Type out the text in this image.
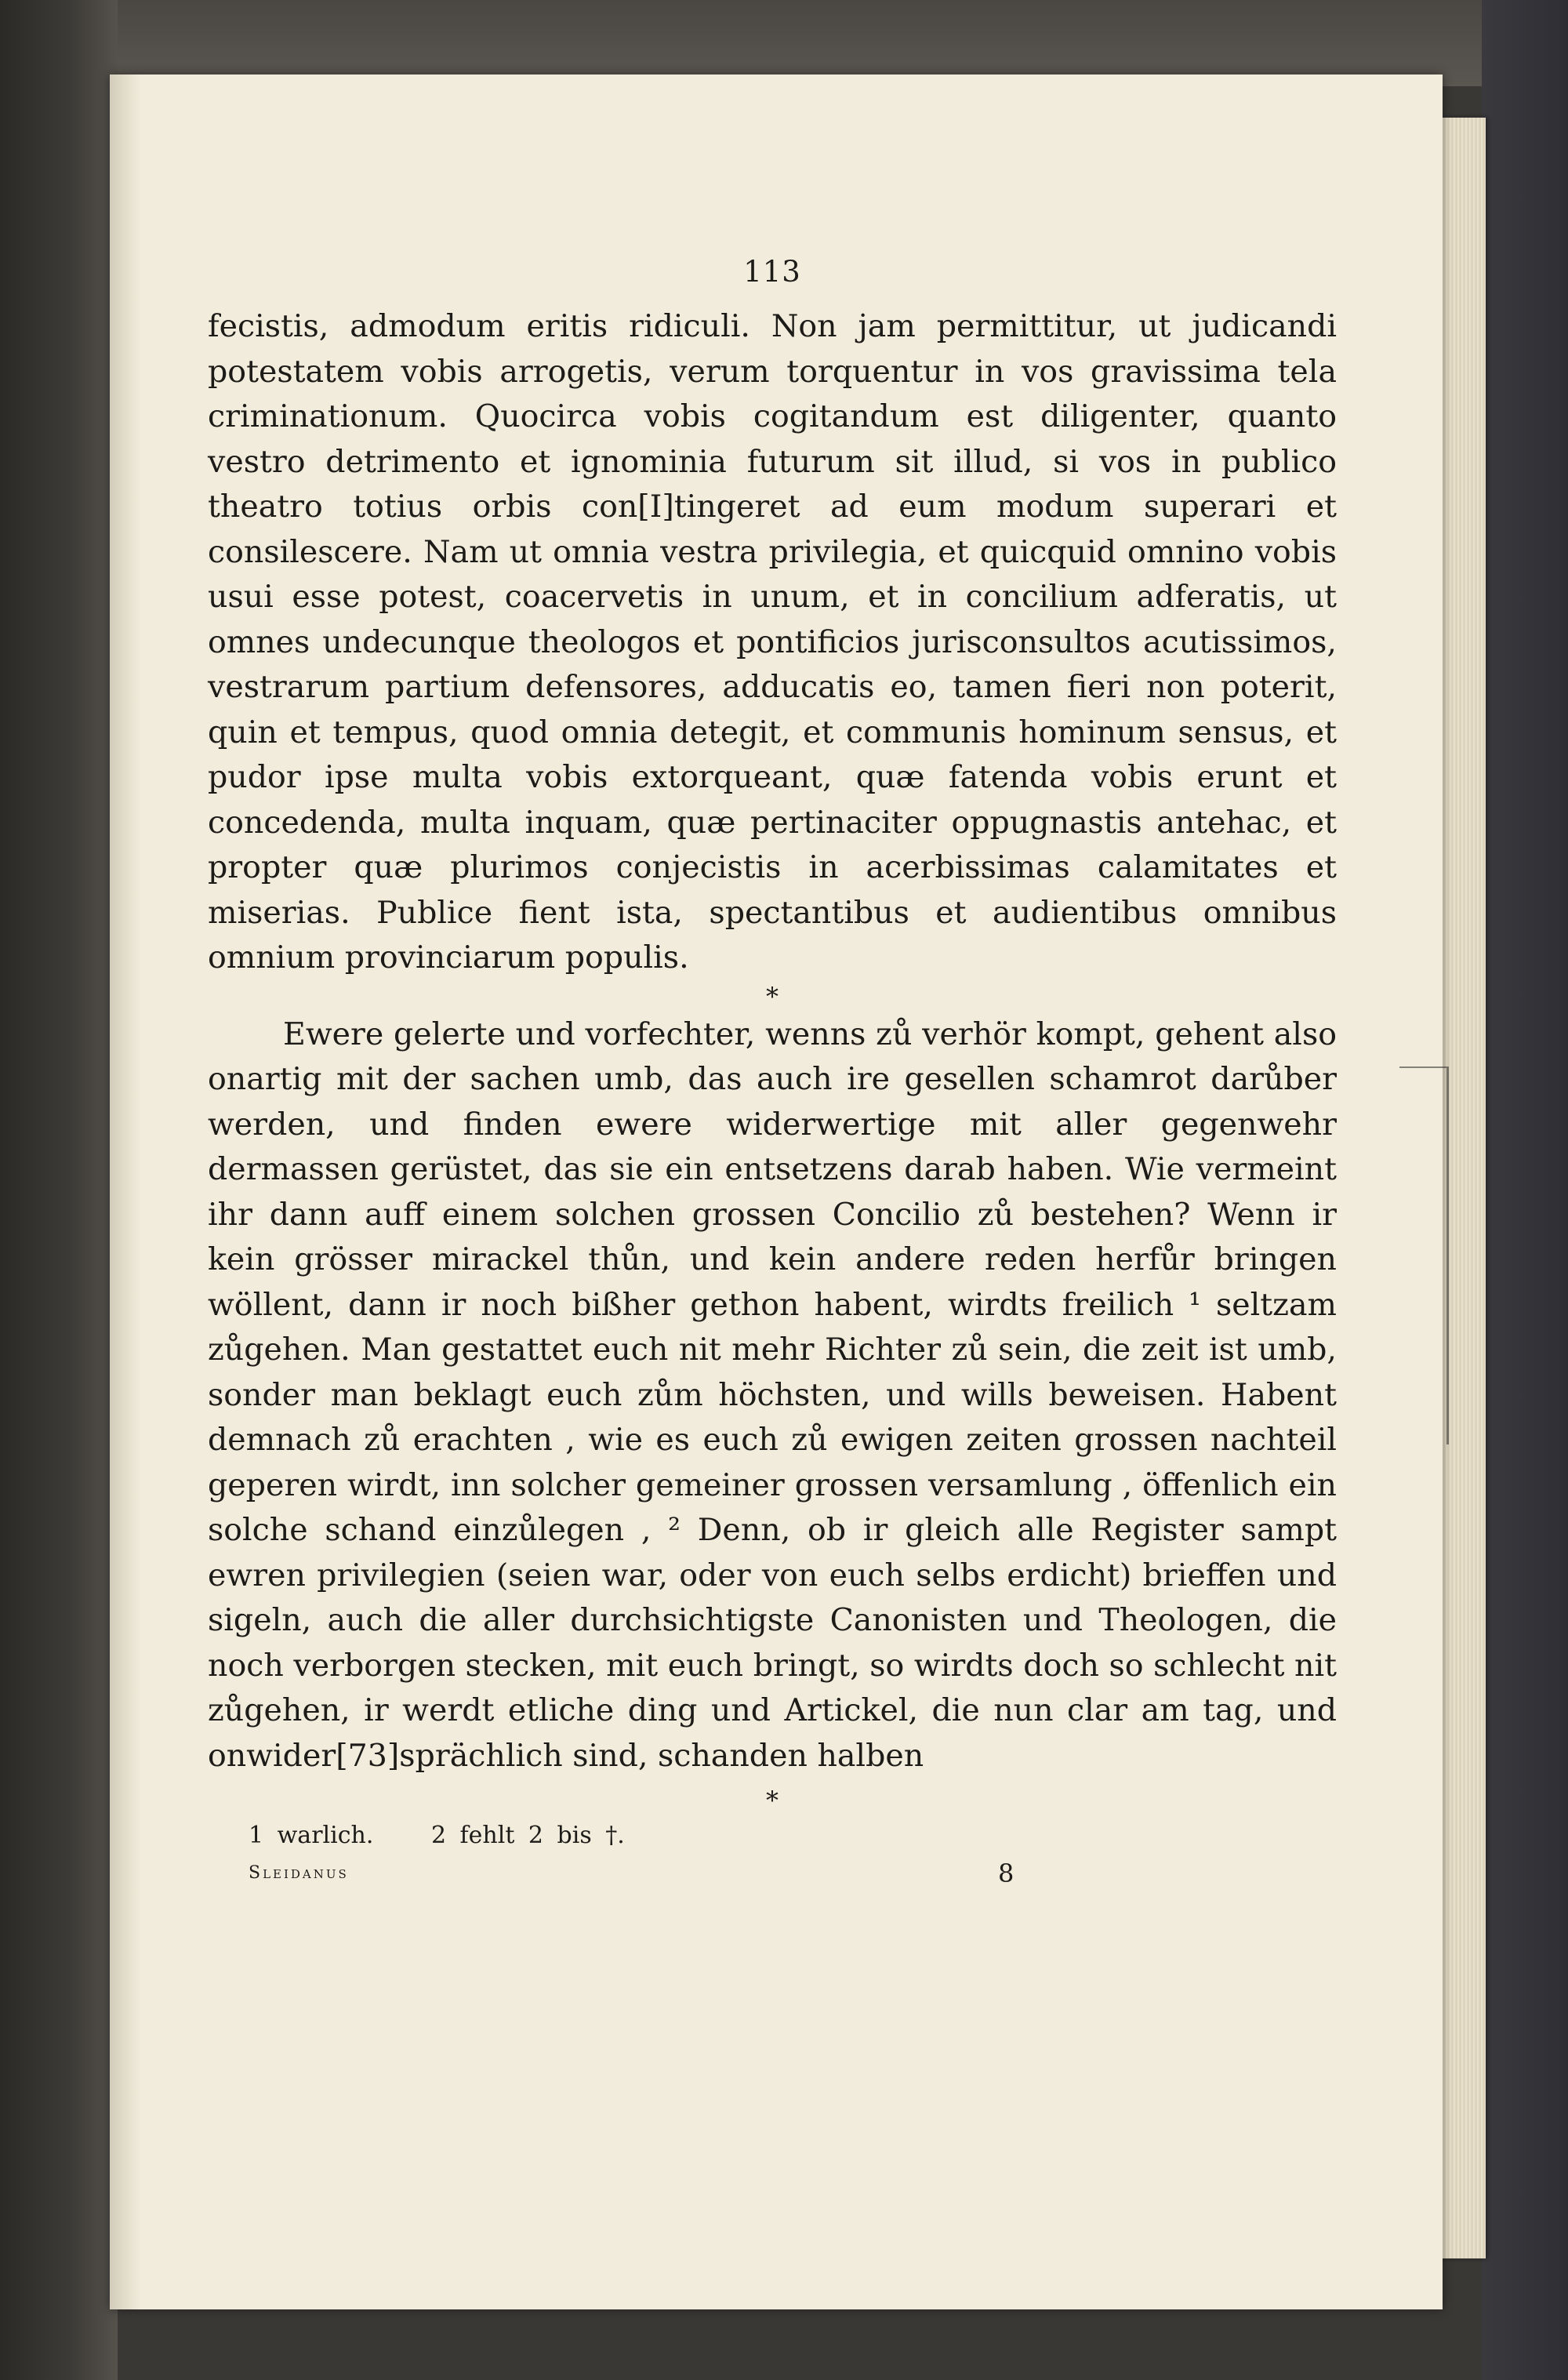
113

fecistis, admodum eritis ridiculi. Non jam permittitur, ut judicandi potestatem vobis arrogetis, verum torquentur in vos gravissima tela criminationum. Quocirca vobis cogitandum est diligenter, quanto vestro detrimento et ignominia futurum sit illud, si vos in publico theatro totius orbis con[I]tingeret ad eum modum superari et consilescere. Nam ut omnia vestra privilegia, et quicquid omnino vobis usui esse potest, coacervetis in unum, et in concilium adferatis, ut omnes undecunque theologos et pontificios jurisconsultos acutissimos, vestrarum partium defensores, adducatis eo, tamen fieri non poterit, quin et tempus, quod omnia detegit, et communis hominum sensus, et pudor ipse multa vobis extorqueant, quæ fatenda vobis erunt et concedenda, multa inquam, quæ pertinaciter oppugnastis antehac, et propter quæ plurimos conjecistis in acerbissimas calamitates et miserias. Publice fient ista, spectantibus et audientibus omnibus omnium provinciarum populis.

*

Ewere gelerte und vorfechter, wenns zů verhör kompt, gehent also onartig mit der sachen umb, das auch ire gesellen schamrot darůber werden, und finden ewere widerwertige mit aller gegenwehr dermassen gerüstet, das sie ein entsetzens darab haben. Wie vermeint ihr dann auff einem solchen grossen Concilio zů bestehen? Wenn ir kein grösser mirackel thůn, und kein andere reden herfůr bringen wöllent, dann ir noch bißher gethon habent, wirdts freilich ¹ seltzam zůgehen. Man gestattet euch nit mehr Richter zů sein, die zeit ist umb, sonder man beklagt euch zům höchsten, und wills beweisen. Habent demnach zů erachten , wie es euch zů ewigen zeiten grossen nachteil geperen wirdt, inn solcher gemeiner grossen versamlung , öffenlich ein solche schand einzůlegen , ² Denn, ob ir gleich alle Register sampt ewren privilegien (seien war, oder von euch selbs erdicht) brieffen und sigeln, auch die aller durchsichtigste Canonisten und Theologen, die noch verborgen stecken, mit euch bringt, so wirdts doch so schlecht nit zůgehen, ir werdt etliche ding und Artickel, die nun clar am tag, und onwider[73]sprächlich sind, schanden halben

*
1 warlich. 2 fehlt 2 bis †.
Sleidanus	8
